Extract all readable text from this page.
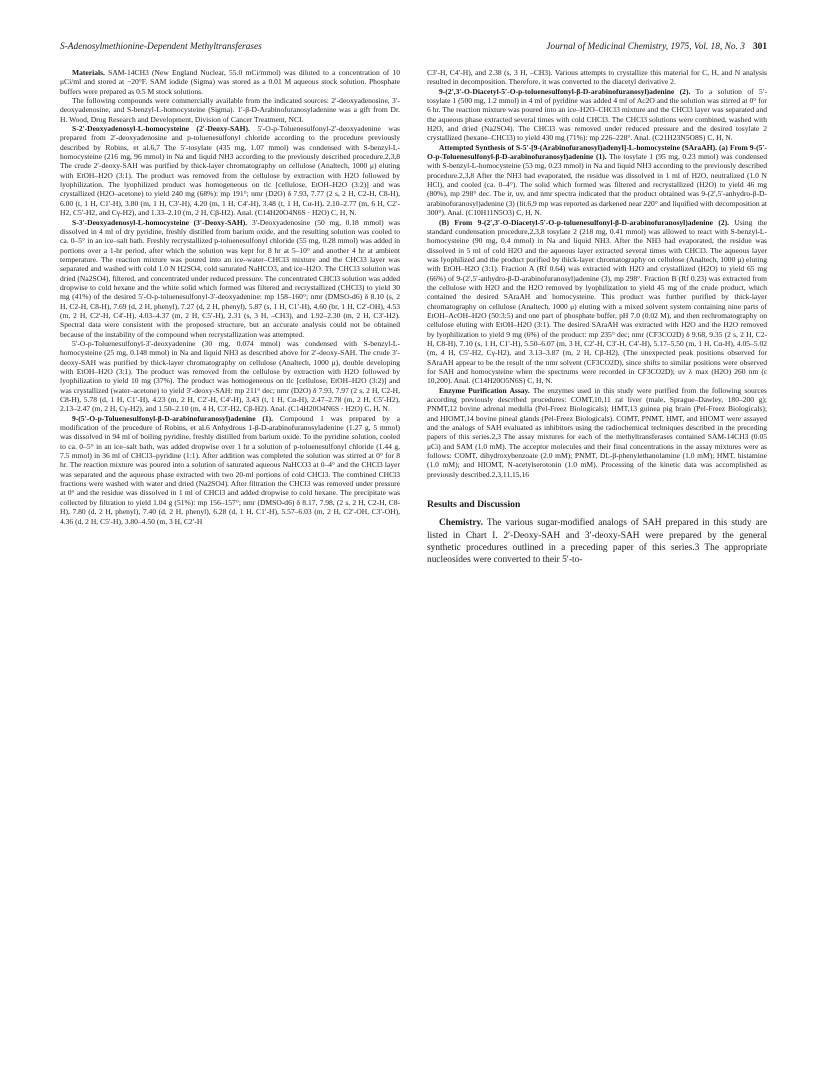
S-Adenosylmethionine-Dependent Methyltransferases	Journal of Medicinal Chemistry, 1975, Vol. 18, No. 3 301

Materials. SAM-14CH3 (New England Nuclear, 55.0 mCi/mmol) was diluted to a concentration of 10 μCi/ml and stored at −20°F. SAM iodide (Sigma) was stored as a 0.01 M aqueous stock solution. Phosphate buffers were prepared as 0.5 M stock solutions.

The following compounds were commercially available from the indicated sources: 2′-deoxyadenosine, 3′-deoxyadenosine, and S-benzyl-L-homocysteine (Sigma). 1′-β-D-Arabinofuranosyladenine was a gift from Dr. H. Wood, Drug Research and Development, Division of Cancer Treatment, NCI.

S-2′-Deoxyadenosyl-L-homocysteine (2′-Deoxy-SAH). 5′-O-p-Toluenesulfonyl-2′-deoxyadenine was prepared from 2′-deoxyadenosine and p-toluenesulfonyl chloride according to the procedure previously described by Robins, et al.6,7 The 5′-tosylate (435 mg, 1.07 mmol) was condensed with S-benzyl-L-homocysteine (216 mg, 96 mmol) in Na and liquid NH3 according to the previously described procedure.2,3,8 The crude 2′-deoxy-SAH was purified by thick-layer chromatography on cellulose (Analtech, 1000 μ) eluting with EtOH–H2O (3:1). The product was removed from the cellulose by extraction with H2O followed by lyophilization. The lyophilized product was homogeneous on tlc [cellulose, EtOH–H2O (3:2)] and was crystallized (H2O–acetone) to yield 240 mg (68%): mp 191°; nmr (D2O) δ 7.93, 7.77 (2 s, 2 H, C2-H, C8-H), 6.00 (t, 1 H, C1′-H), 3.80 (m, 1 H, C3′-H), 4.20 (m, 1 H, C4′-H), 3.48 (t, 1 H, Cα-H), 2.10–2.77 (m, 6 H, C2′-H2, C5′-H2, and Cγ-H2), and 1.33–2.10 (m, 2 H, Cβ-H2). Anal. (C14H20O4N6S · H2O) C, H, N.

S-3′-Deoxyadenosyl-L-homocysteine (3′-Deoxy-SAH). 3′-Deoxyadenosine (50 mg, 0.18 mmol) was dissolved in 4 ml of dry pyridine, freshly distilled from barium oxide, and the resulting solution was cooled to ca. 0–5° in an ice–salt bath. Freshly recrystallized p-toluenesulfonyl chloride (55 mg, 0.28 mmol) was added in portions over a 1-hr period, after which the solution was kept for 8 hr at 5–10° and another 4 hr at ambient temperature. The reaction mixture was poured into an ice–water–CHCl3 mixture and the CHCl3 layer was separated and washed with cold 1.0 N H2SO4, cold saturated NaHCO3, and ice–H2O. The CHCl3 solution was dried (Na2SO4), filtered, and concentrated under reduced pressure. The concentrated CHCl3 solution was added dropwise to cold hexane and the white solid which formed was filtered and recrystallized (CHCl3) to yield 30 mg (41%) of the desired 5′-O-p-toluenesulfonyl-3′-deoxyadenine: mp 158–160°; nmr (DMSO-d6) δ 8.10 (s, 2 H, C2-H, C8-H), 7.69 (d, 2 H, phenyl), 7.27 (d, 2 H, phenyl), 5.87 (s, 1 H, C1′-H), 4.60 (br, 1 H, C2′-OH), 4.53 (m, 2 H, C2′-H, C4′-H), 4.03–4.37 (m, 2 H, C5′-H), 2.31 (s, 3 H, –CH3), and 1.92–2.30 (m, 2 H, C3′-H2). Spectral data were consistent with the proposed structure, but an accurate analysis could not be obtained because of the instability of the compound when recrystallization was attempted.

5′-O-p-Toluenesulfonyl-3′-deoxyadenine (30 mg, 0.074 mmol) was condensed with S-benzyl-L-homocysteine (25 mg, 0.148 mmol) in Na and liquid NH3 as described above for 2′-deoxy-SAH. The crude 3′-deoxy-SAH was purified by thick-layer chromatography on cellulose (Analtech, 1000 μ), double developing with EtOH–H2O (3:1). The product was removed from the cellulose by extraction with H2O followed by lyophilization to yield 10 mg (37%). The product was homogeneous on tlc [cellulose, EtOH–H2O (3:2)] and was crystallized (water–acetone) to yield 3′-deoxy-SAH: mp 211° dec; nmr (D2O) δ 7.93, 7.97 (2 s, 2 H, C2-H, C8-H), 5.78 (d, 1 H, C1′-H), 4.23 (m, 2 H, C2′-H, C4′-H), 3.43 (t, 1 H, Cα-H), 2.47–2.78 (m, 2 H, C5′-H2), 2.13–2.47 (m, 2 H, Cγ-H2), and 1.50–2.10 (m, 4 H, C3′-H2, Cβ-H2). Anal. (C14H20O4N6S · H2O) C, H, N.

9-(5′-O-p-Toluenesulfonyl-β-D-arabinofuranosyl)adenine (1). Compound 1 was prepared by a modification of the procedure of Robins, et al.6 Anhydrous 1-β-D-arabinofuranosyladenine (1.27 g, 5 mmol) was dissolved in 94 ml of boiling pyridine, freshly distilled from barium oxide. To the pyridine solution, cooled to ca. 0–5° in an ice–salt bath, was added dropwise over 1 hr a solution of p-toluenesulfonyl chloride (1.44 g, 7.5 mmol) in 36 ml of CHCl3–pyridine (1:1). After addition was completed the solution was stirred at 0° for 8 hr. The reaction mixture was poured into a solution of saturated aqueous NaHCO3 at 0–4° and the CHCl3 layer was separated and the aqueous phase extracted with two 20-ml portions of cold CHCl3. The combined CHCl3 fractions were washed with water and dried (Na2SO4). After filtration the CHCl3 was removed under pressure at 0° and the residue was dissolved in 1 ml of CHCl3 and added dropwise to cold hexane. The precipitate was collected by filtration to yield 1.04 g (51%): mp 156–157°; nmr (DMSO-d6) δ 8.17, 7.98, (2 s, 2 H, C2-H, C8-H), 7.80 (d, 2 H, phenyl), 7.40 (d, 2 H, phenyl), 6.28 (d, 1 H, C1′-H), 5.57–6.03 (m, 2 H, C2′-OH, C3′-OH), 4.36 (d, 2 H, C5′-H), 3.80–4.50 (m, 3 H, C2′-H

C3′-H, C4′-H), and 2.38 (s, 3 H, –CH3). Various attempts to crystallize this material for C, H, and N analysis resulted in decomposition. Therefore, it was converted to the diacetyl derivative 2.

9-(2′,3′-O-Diacetyl-5′-O-p-toluenesulfonyl-β-D-arabinofuranosyl)adenine (2). To a solution of 5′-tosylate 1 (500 mg, 1.2 mmol) in 4 ml of pyridine was added 4 ml of Ac2O and the solution was stirred at 0° for 6 hr. The reaction mixture was poured into an ice–H2O–CHCl3 mixture and the CHCl3 layer was separated and the aqueous phase extracted several times with cold CHCl3. The CHCl3 solutions were combined, washed with H2O, and dried (Na2SO4). The CHCl3 was removed under reduced pressure and the desired tosylate 2 crystallized (hexane–CHCl3) to yield 430 mg (71%): mp 226–228°. Anal. (C21H23N5O8S) C, H, N.

Attempted Synthesis of S-5′-[9-(Arabinofuranosyl)adenyl]-L-homocysteine (SAraAH). (a) From 9-(5′-O-p-Toluenesulfonyl-β-D-arabinofuranosyl)adenine (1). The tosylate 1 (95 mg, 0.23 mmol) was condensed with S-benzyl-L-homocysteine (53 mg, 0.23 mmol) in Na and liquid NH3 according to the previously described procedure.2,3,8 After the NH3 had evaporated, the residue was dissolved in 1 ml of H2O, neutralized (1.0 N HCl), and cooled (ca. 0–4°). The solid which formed was filtered and recrystallized (H2O) to yield 46 mg (80%), mp 298° dec. The ir, uv, and nmr spectra indicated that the product obtained was 9-(2′,5′-anhydro-β-D-arabinofuranosyl)adenine (3) (lit.6,9 mp was reported as darkened near 220° and liquified with decomposition at 300°). Anal. (C10H11N5O3) C, H, N.

(B) From 9-(2′,3′-O-Diacetyl-5′-O-p-toluenesulfonyl-β-D-arabinofuranosyl)adenine (2). Using the standard condensation procedure,2,3,8 tosylate 2 (218 mg, 0.41 mmol) was allowed to react with S-benzyl-L-homocysteine (90 mg, 0.4 mmol) in Na and liquid NH3. After the NH3 had evaporated, the residue was dissolved in 5 ml of cold H2O and the aqueous layer extracted several times with CHCl3. The aqueous layer was lyophilized and the product purified by thick-layer chromatography on cellulose (Analtech, 1000 μ) eluting with EtOH–H2O (3:1). Fraction A (Rf 0.64) was extracted with H2O and crystallized (H2O) to yield 65 mg (66%) of 9-(2′,5′-anhydro-β-D-arabinofuranosyl)adenine (3), mp 298°. Fraction B (Rf 0.23) was extracted from the cellulose with H2O and the H2O removed by lyophilization to yield 45 mg of the crude product, which contained the desired SAraAH and homocysteine. This product was further purified by thick-layer chromatography on cellulose (Analtech, 1000 μ) eluting with a mixed solvent system containing nine parts of EtOH–AcOH–H2O (50:3:5) and one part of phosphate buffer, pH 7.0 (0.02 M), and then rechromatography on cellulose eluting with EtOH–H2O (3:1). The desired SAraAH was extracted with H2O and the H2O removed by lyophilization to yield 9 mg (6%) of the product: mp 235° dec; nmr (CF3CO2D) δ 9.68, 9.35 (2 s, 2 H, C2-H, C8-H), 7.10 (s, 1 H, C1′-H), 5.50–6.07 (m, 3 H, C2′-H, C3′-H, C4′-H), 5.17–5.50 (m, 1 H, Cα-H), 4.05–5.02 (m, 4 H, C5′-H2, Cγ-H2), and 3.13–3.87 (m, 2 H, Cβ-H2). (The unexpected peak positions observed for SAraAH appear to be the result of the nmr solvent (CF3CO2D), since shifts to similar positions were observed for SAH and homocysteine when the spectrums were recorded in CF3CO2D); uv λ max (H2O) 260 nm (ε 10,200). Anal. (C14H20O5N6S) C, H, N.

Enzyme Purification Assay. The enzymes used in this study were purified from the following sources according previously described procedures: COMT,10,11 rat liver (male, Sprague–Dawley, 180–200 g); PNMT,12 bovine adrenal medulla (Pel-Freez Biologicals); HMT,13 guinea pig brain (Pel-Freez Biologicals); and HIOMT,14 bovine pineal glands (Pel-Freez Biologicals). COMT, PNMT, HMT, and HIOMT were assayed and the analogs of SAH evaluated as inhibitors using the radiochemical techniques described in the preceding papers of this series.2,3 The assay mixtures for each of the methyltransferases contained SAM-14CH3 (0.05 μCi) and SAM (1.0 mM). The acceptor molecules and their final concentrations in the assay mixtures were as follows: COMT, dihydroxybenzoate (2.0 mM); PNMT, DL-β-phenylethanolamine (1.0 mM); HMT, histamine (1.0 mM); and HIOMT, N-acetylserotonin (1.0 mM). Processing of the kinetic data was accomplished as previously described.2,3,11,15,16

Results and Discussion

Chemistry. The various sugar-modified analogs of SAH prepared in this study are listed in Chart I. 2′-Deoxy-SAH and 3′-deoxy-SAH were prepared by the general synthetic procedures outlined in a preceding paper of this series.3 The appropriate nucleosides were converted to their 5′-to-
